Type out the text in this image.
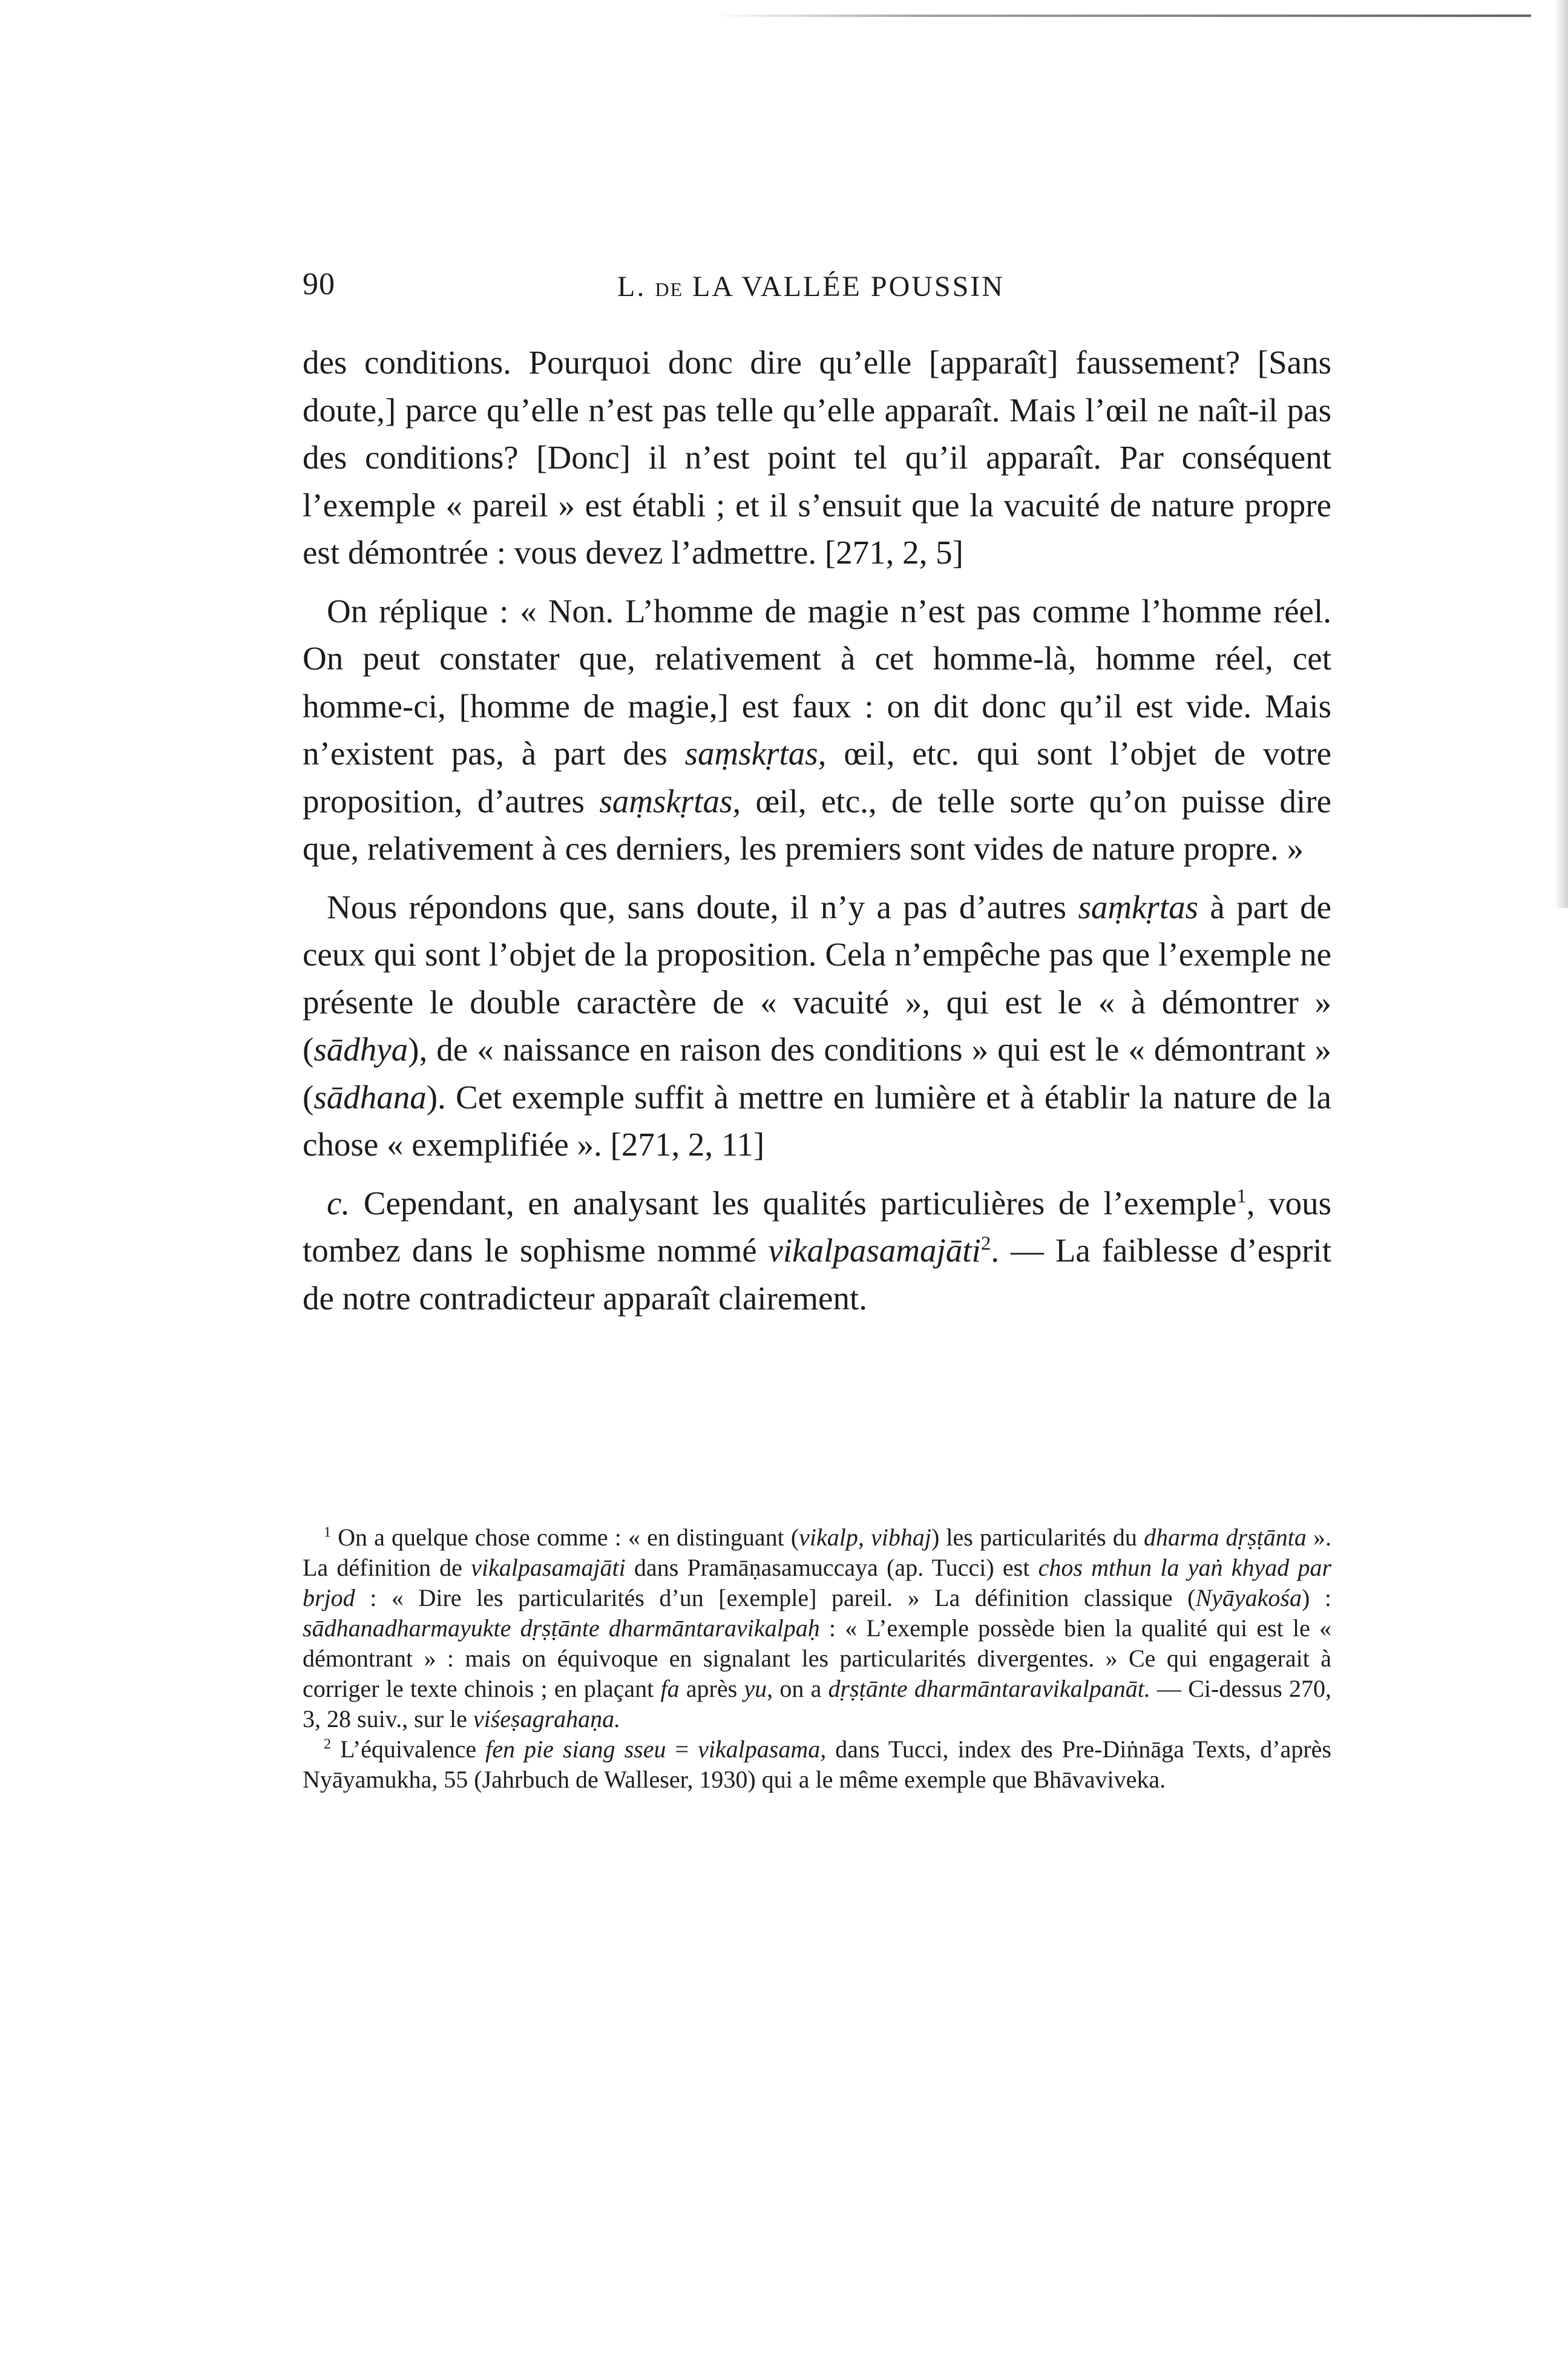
90	L. DE LA VALLÉE POUSSIN

des conditions. Pourquoi donc dire qu’elle [apparaît] faussement? [Sans doute,] parce qu’elle n’est pas telle qu’elle apparaît. Mais l’œil ne naît-il pas des conditions? [Donc] il n’est point tel qu’il apparaît. Par conséquent l’exemple « pareil » est établi ; et il s’ensuit que la vacuité de nature propre est démontrée : vous devez l’admettre. [271, 2, 5]

On réplique : « Non. L’homme de magie n’est pas comme l’homme réel. On peut constater que, relativement à cet homme-là, homme réel, cet homme-ci, [homme de magie,] est faux : on dit donc qu’il est vide. Mais n’existent pas, à part des saṃskṛtas, œil, etc. qui sont l’objet de votre proposition, d’autres saṃskṛtas, œil, etc., de telle sorte qu’on puisse dire que, relativement à ces derniers, les premiers sont vides de nature propre. »

Nous répondons que, sans doute, il n’y a pas d’autres saṃkṛtas à part de ceux qui sont l’objet de la proposition. Cela n’empêche pas que l’exemple ne présente le double caractère de « vacuité », qui est le « à démontrer » (sādhya), de « naissance en raison des conditions » qui est le « démontrant » (sādhana). Cet exemple suffit à mettre en lumière et à établir la nature de la chose « exemplifiée ». [271, 2, 11]

c. Cependant, en analysant les qualités particulières de l’exemple$^1$, vous tombez dans le sophisme nommé vikalpasamajāti$^2$. — La faiblesse d’esprit de notre contradicteur apparaît clairement.

$^1$ On a quelque chose comme : « en distinguant (vikalp, vibhaj) les particularités du dharma dṛṣṭānta ». La définition de vikalpasamajāti dans Pramāṇasamuccaya (ap. Tucci) est chos mthun la yaṅ khyad par brjod : « Dire les particularités d’un [exemple] pareil. » La définition classique (Nyāyakośa) : sādhanadharmayukte dṛṣṭānte dharmāntaravikalpaḥ : « L’exemple possède bien la qualité qui est le « démontrant » : mais on équivoque en signalant les particularités divergentes. » Ce qui engagerait à corriger le texte chinois ; en plaçant fa après yu, on a dṛṣṭānte dharmāntaravikalpanāt. — Ci-dessus 270, 3, 28 suiv., sur le viśeṣagrahaṇa.

$^2$ L’équivalence fen pie siang sseu = vikalpasama, dans Tucci, index des Pre-Diṅnāga Texts, d’après Nyāyamukha, 55 (Jahrbuch de Walleser, 1930) qui a le même exemple que Bhāvaviveka.
